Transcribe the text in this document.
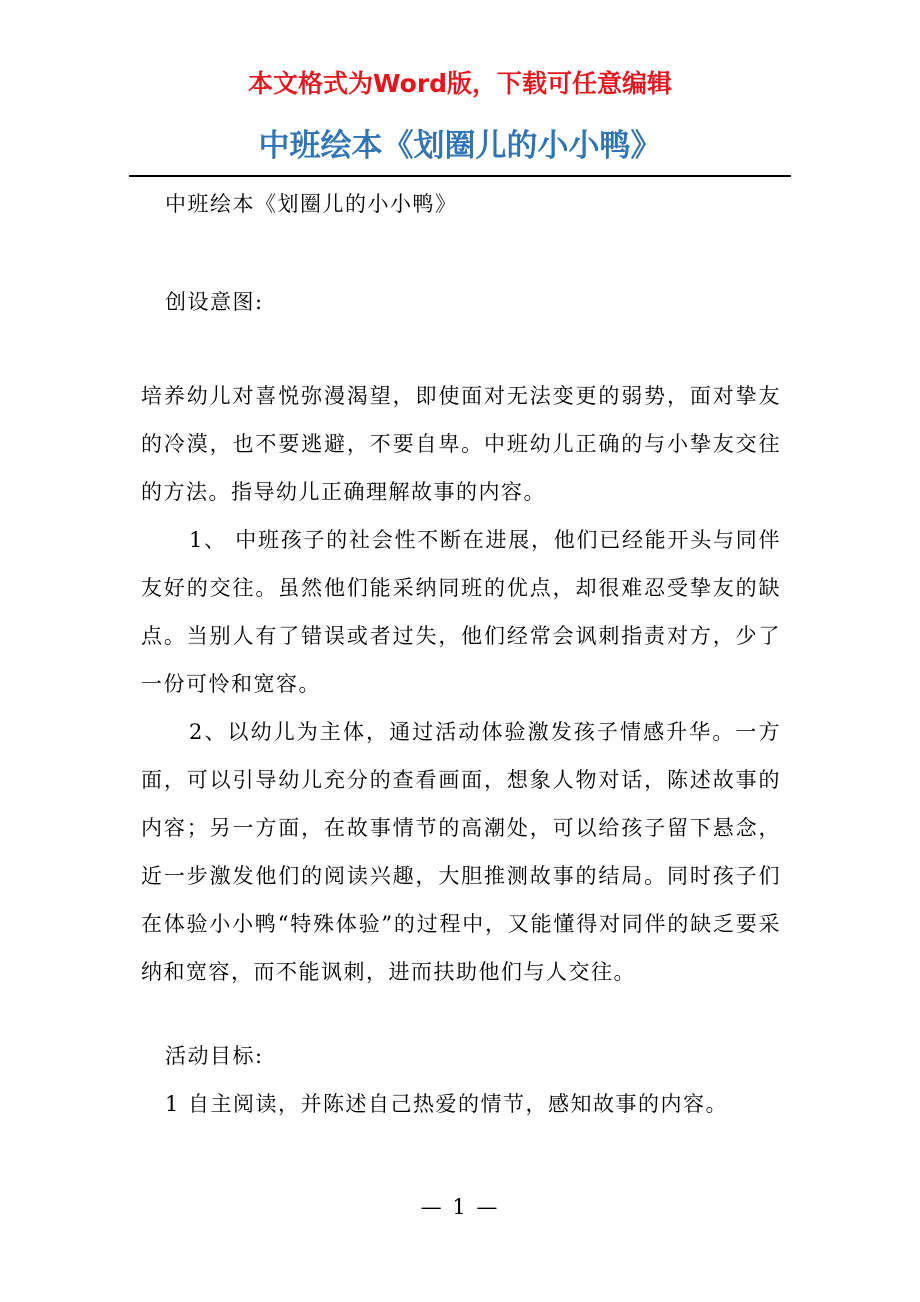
本文格式为Word版，下载可任意编辑
中班绘本《划圈儿的小小鸭》

中班绘本《划圈儿的小小鸭》

创设意图:

培养幼儿对喜悦弥漫渴望，即使面对无法变更的弱势，面对挚友的冷漠，也不要逃避，不要自卑。中班幼儿正确的与小挚友交往的方法。指导幼儿正确理解故事的内容。

1、 中班孩子的社会性不断在进展，他们已经能开头与同伴友好的交往。虽然他们能采纳同班的优点，却很难忍受挚友的缺点。当别人有了错误或者过失，他们经常会讽刺指责对方，少了一份可怜和宽容。

2、以幼儿为主体，通过活动体验激发孩子情感升华。一方面，可以引导幼儿充分的查看画面，想象人物对话，陈述故事的内容；另一方面，在故事情节的高潮处，可以给孩子留下悬念，近一步激发他们的阅读兴趣，大胆推测故事的结局。同时孩子们在体验小小鸭“特殊体验”的过程中，又能懂得对同伴的缺乏要采纳和宽容，而不能讽刺，进而扶助他们与人交往。

活动目标:

1 自主阅读，并陈述自己热爱的情节，感知故事的内容。

— 1 —
